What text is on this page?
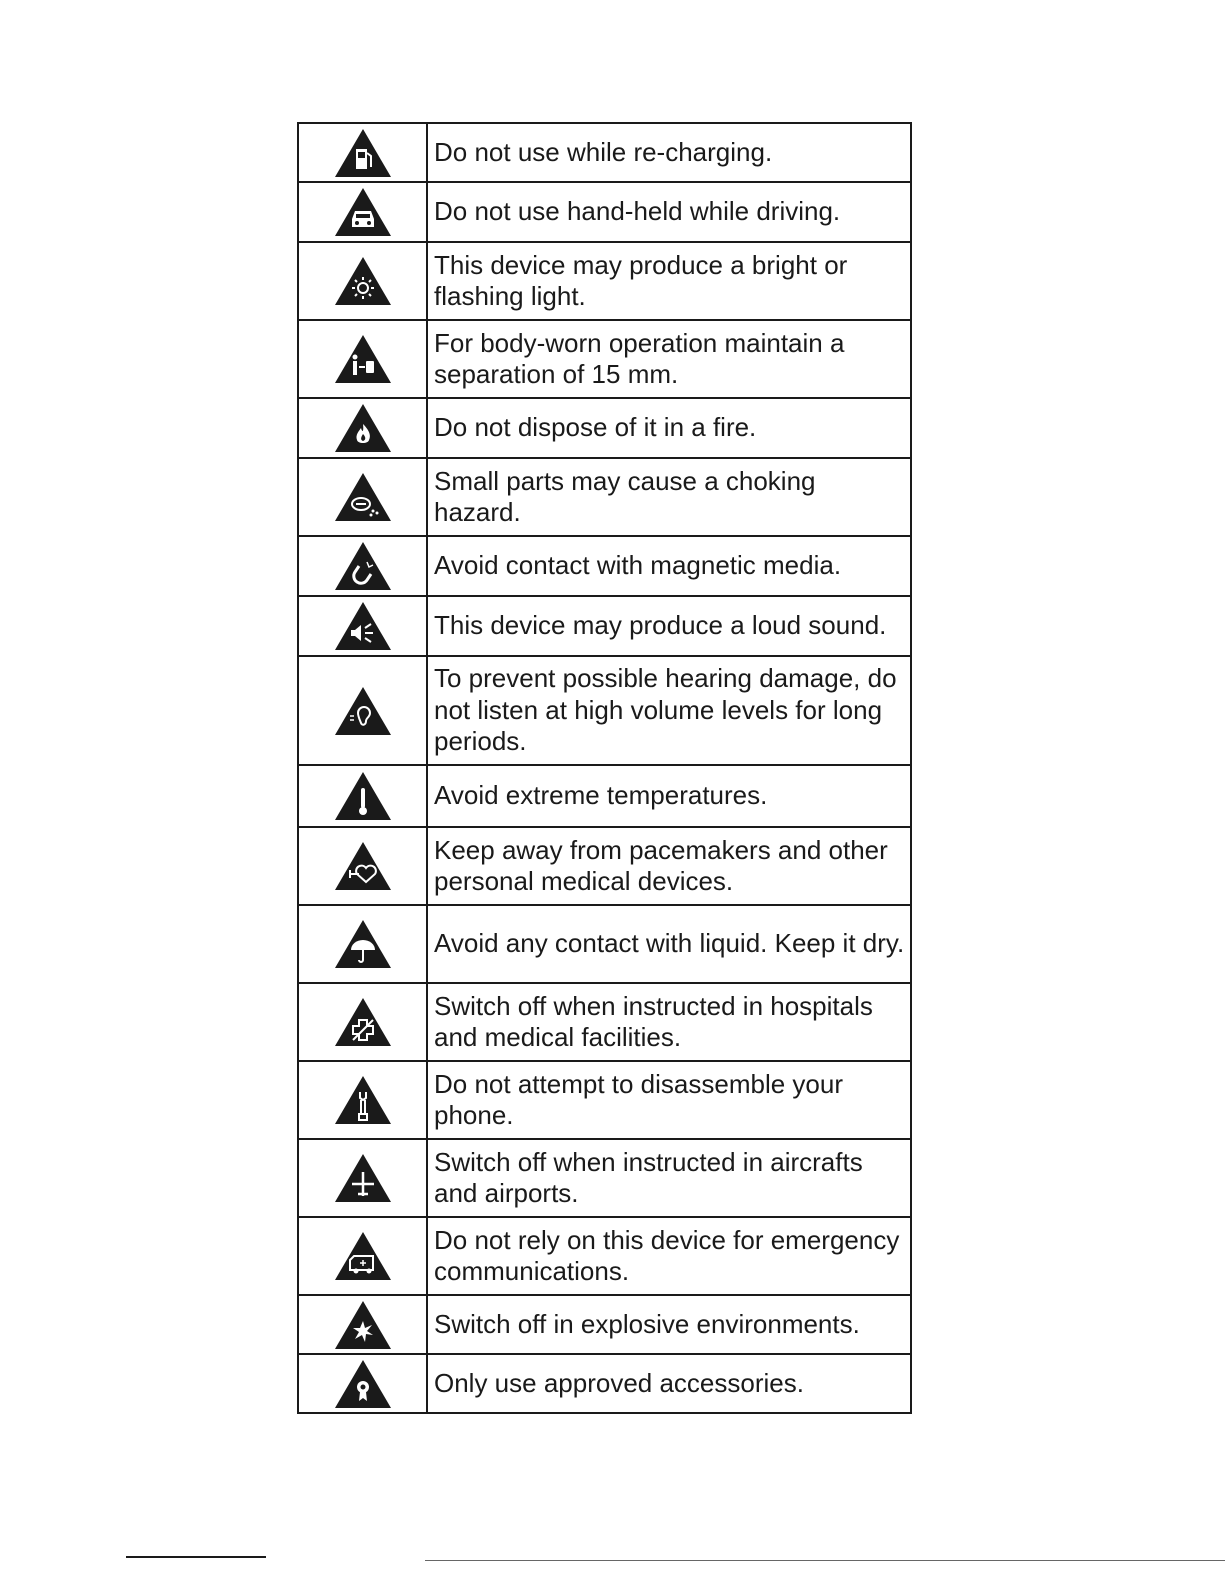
	Do not use while re-charging.

	Do not use hand-held while driving.

	This device may produce a bright or flashing light.

	For body-worn operation maintain a separation of 15 mm.

	Do not dispose of it in a fire.

	Small parts may cause a choking hazard.

	Avoid contact with magnetic media.

	This device may produce a loud sound.

	To prevent possible hearing damage, do not listen at high volume levels for long periods.

	Avoid extreme temperatures.

	Keep away from pacemakers and other personal medical devices.

	Avoid any contact with liquid. Keep it dry.

	Switch off when instructed in hospitals and medical facilities.

	Do not attempt to disassemble your phone.

	Switch off when instructed in aircrafts and airports.

	Do not rely on this device for emergency communications.

	Switch off in explosive environments.

	Only use approved accessories.
